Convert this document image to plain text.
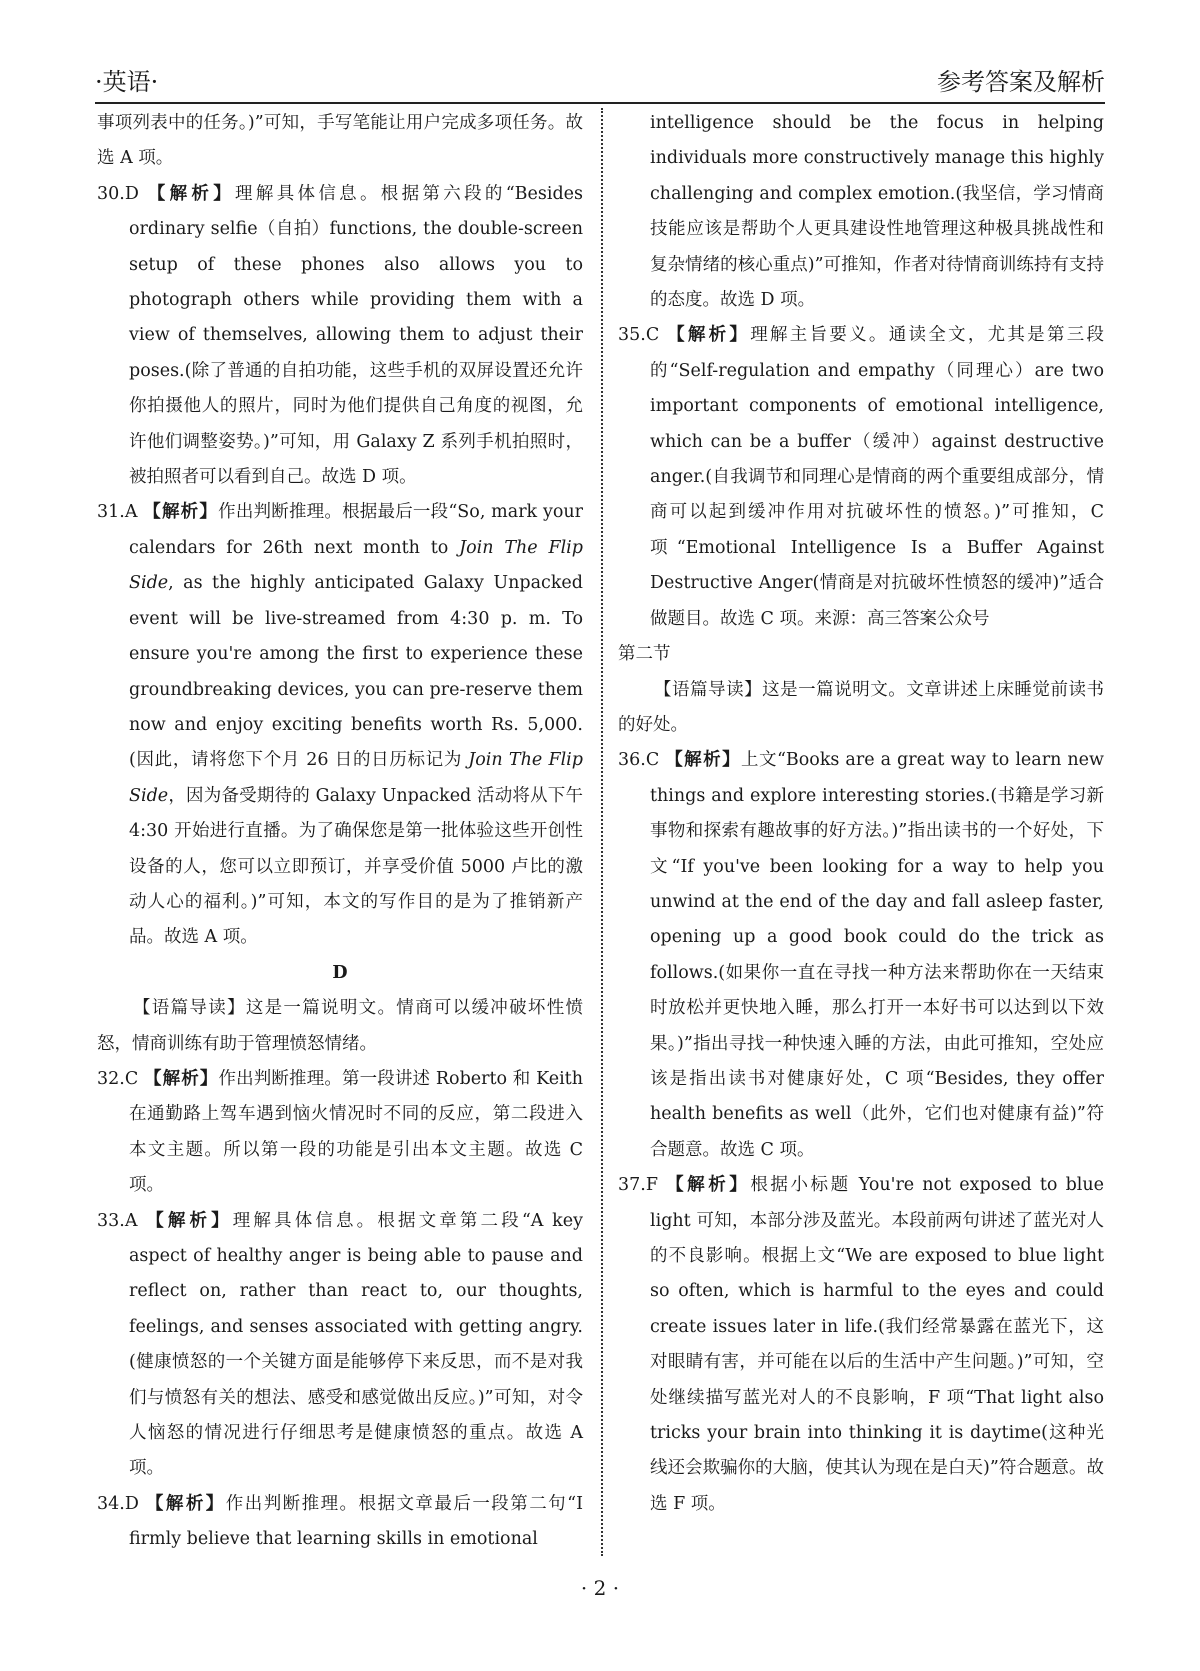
·英语·	参考答案及解析

事项列表中的任务。)”可知，手写笔能让用户完成多项任务。故选 A 项。

30.D 【解析】理解具体信息。根据第六段的“Besides ordinary selfie（自拍）functions, the double-screen setup of these phones also allows you to photograph others while providing them with a view of themselves, allowing them to adjust their poses.(除了普通的自拍功能，这些手机的双屏设置还允许你拍摄他人的照片，同时为他们提供自己角度的视图，允许他们调整姿势。)”可知，用 Galaxy Z 系列手机拍照时，被拍照者可以看到自己。故选 D 项。

31.A 【解析】作出判断推理。根据最后一段“So, mark your calendars for 26th next month to Join The Flip Side, as the highly anticipated Galaxy Unpacked event will be live-streamed from 4:30 p. m. To ensure you're among the first to experience these groundbreaking devices, you can pre-reserve them now and enjoy exciting benefits worth Rs. 5,000.(因此，请将您下个月 26 日的日历标记为 Join The Flip Side，因为备受期待的 Galaxy Unpacked 活动将从下午 4:30 开始进行直播。为了确保您是第一批体验这些开创性设备的人，您可以立即预订，并享受价值 5000 卢比的激动人心的福利。)”可知，本文的写作目的是为了推销新产品。故选 A 项。

D

【语篇导读】这是一篇说明文。情商可以缓冲破坏性愤怒，情商训练有助于管理愤怒情绪。

32.C 【解析】作出判断推理。第一段讲述 Roberto 和 Keith 在通勤路上驾车遇到恼火情况时不同的反应，第二段进入本文主题。所以第一段的功能是引出本文主题。故选 C 项。

33.A 【解析】理解具体信息。根据文章第二段“A key aspect of healthy anger is being able to pause and reflect on, rather than react to, our thoughts, feelings, and senses associated with getting angry.(健康愤怒的一个关键方面是能够停下来反思，而不是对我们与愤怒有关的想法、感受和感觉做出反应。)”可知，对令人恼怒的情况进行仔细思考是健康愤怒的重点。故选 A 项。

34.D 【解析】作出判断推理。根据文章最后一段第二句“I firmly believe that learning skills in emotional

intelligence should be the focus in helping individuals more constructively manage this highly challenging and complex emotion.(我坚信，学习情商技能应该是帮助个人更具建设性地管理这种极具挑战性和复杂情绪的核心重点)”可推知，作者对待情商训练持有支持的态度。故选 D 项。

35.C 【解析】理解主旨要义。通读全文，尤其是第三段的“Self-regulation and empathy（同理心）are two important components of emotional intelligence, which can be a buffer（缓冲）against destructive anger.(自我调节和同理心是情商的两个重要组成部分，情商可以起到缓冲作用对抗破坏性的愤怒。)”可推知，C 项“Emotional Intelligence Is a Buffer Against Destructive Anger(情商是对抗破坏性愤怒的缓冲)”适合做题目。故选 C 项。来源：高三答案公众号

第二节

【语篇导读】这是一篇说明文。文章讲述上床睡觉前读书的好处。

36.C 【解析】上文“Books are a great way to learn new things and explore interesting stories.(书籍是学习新事物和探索有趣故事的好方法。)”指出读书的一个好处，下文“If you've been looking for a way to help you unwind at the end of the day and fall asleep faster, opening up a good book could do the trick as follows.(如果你一直在寻找一种方法来帮助你在一天结束时放松并更快地入睡，那么打开一本好书可以达到以下效果。)”指出寻找一种快速入睡的方法，由此可推知，空处应该是指出读书对健康好处，C 项“Besides, they offer health benefits as well（此外，它们也对健康有益)”符合题意。故选 C 项。

37.F 【解析】根据小标题 You're not exposed to blue light 可知，本部分涉及蓝光。本段前两句讲述了蓝光对人的不良影响。根据上文“We are exposed to blue light so often, which is harmful to the eyes and could create issues later in life.(我们经常暴露在蓝光下，这对眼睛有害，并可能在以后的生活中产生问题。)”可知，空处继续描写蓝光对人的不良影响，F 项“That light also tricks your brain into thinking it is daytime(这种光线还会欺骗你的大脑，使其认为现在是白天)”符合题意。故选 F 项。

· 2 ·
